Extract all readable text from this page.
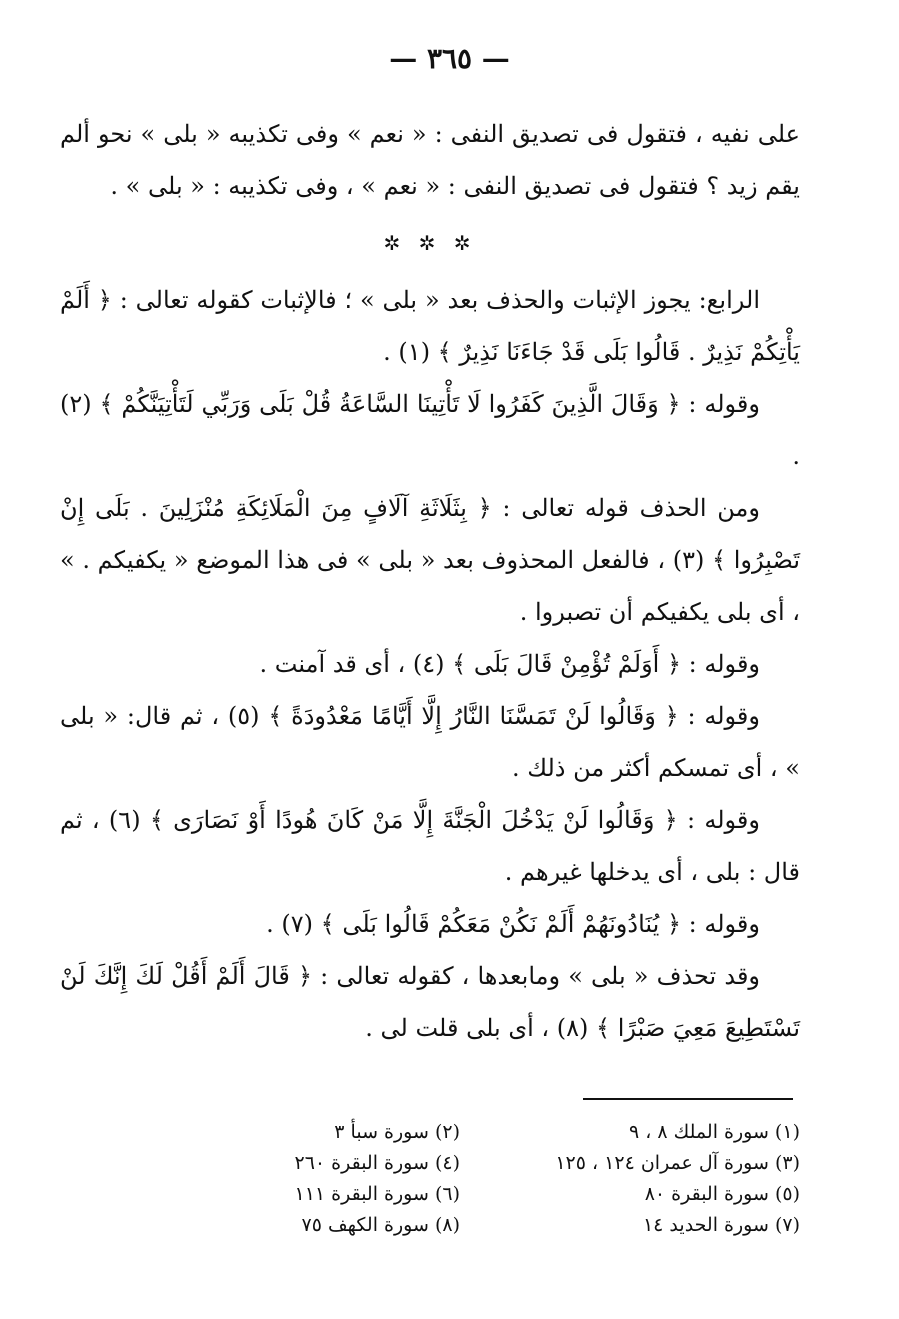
— ٣٦٥ —

على نفيه ، فتقول فى تصديق النفى : « نعم » وفى تكذيبه « بلى » نحو ألم يقم زيد ؟ فتقول فى تصديق النفى : « نعم » ، وفى تكذيبه : « بلى » .

✲ ✲ ✲

الرابع: يجوز الإثبات والحذف بعد « بلى » ؛ فالإثبات كقوله تعالى : ﴿ أَلَمْ يَأْتِكُمْ نَذِيرٌ . قَالُوا بَلَى قَدْ جَاءَنَا نَذِيرٌ ﴾ (١) .

وقوله : ﴿ وَقَالَ الَّذِينَ كَفَرُوا لَا تَأْتِينَا السَّاعَةُ قُلْ بَلَى وَرَبِّي لَتَأْتِيَنَّكُمْ ﴾ (٢) .

ومن الحذف قوله تعالى : ﴿ بِثَلَاثَةِ آلَافٍ مِنَ الْمَلَائِكَةِ مُنْزَلِينَ . بَلَى إِنْ تَصْبِرُوا ﴾ (٣) ، فالفعل المحذوف بعد « بلى » فى هذا الموضع « يكفيكم . » ، أى بلى يكفيكم أن تصبروا .

وقوله : ﴿ أَوَلَمْ تُؤْمِنْ قَالَ بَلَى ﴾ (٤) ، أى قد آمنت .

وقوله : ﴿ وَقَالُوا لَنْ تَمَسَّنَا النَّارُ إِلَّا أَيَّامًا مَعْدُودَةً ﴾ (٥) ، ثم قال: « بلى » ، أى تمسكم أكثر من ذلك .

وقوله : ﴿ وَقَالُوا لَنْ يَدْخُلَ الْجَنَّةَ إِلَّا مَنْ كَانَ هُودًا أَوْ نَصَارَى ﴾ (٦) ، ثم قال : بلى ، أى يدخلها غيرهم .

وقوله : ﴿ يُنَادُونَهُمْ أَلَمْ نَكُنْ مَعَكُمْ قَالُوا بَلَى ﴾ (٧) .

وقد تحذف « بلى » ومابعدها ، كقوله تعالى : ﴿ قَالَ أَلَمْ أَقُلْ لَكَ إِنَّكَ لَنْ تَسْتَطِيعَ مَعِيَ صَبْرًا ﴾ (٨) ، أى بلى قلت لى .

(١) سورة الملك ٨ ، ٩
(٢) سورة سبأ ٣
(٣) سورة آل عمران ١٢٤ ، ١٢٥
(٤) سورة البقرة ٢٦٠
(٥) سورة البقرة ٨٠
(٦) سورة البقرة ١١١
(٧) سورة الحديد ١٤
(٨) سورة الكهف ٧٥
